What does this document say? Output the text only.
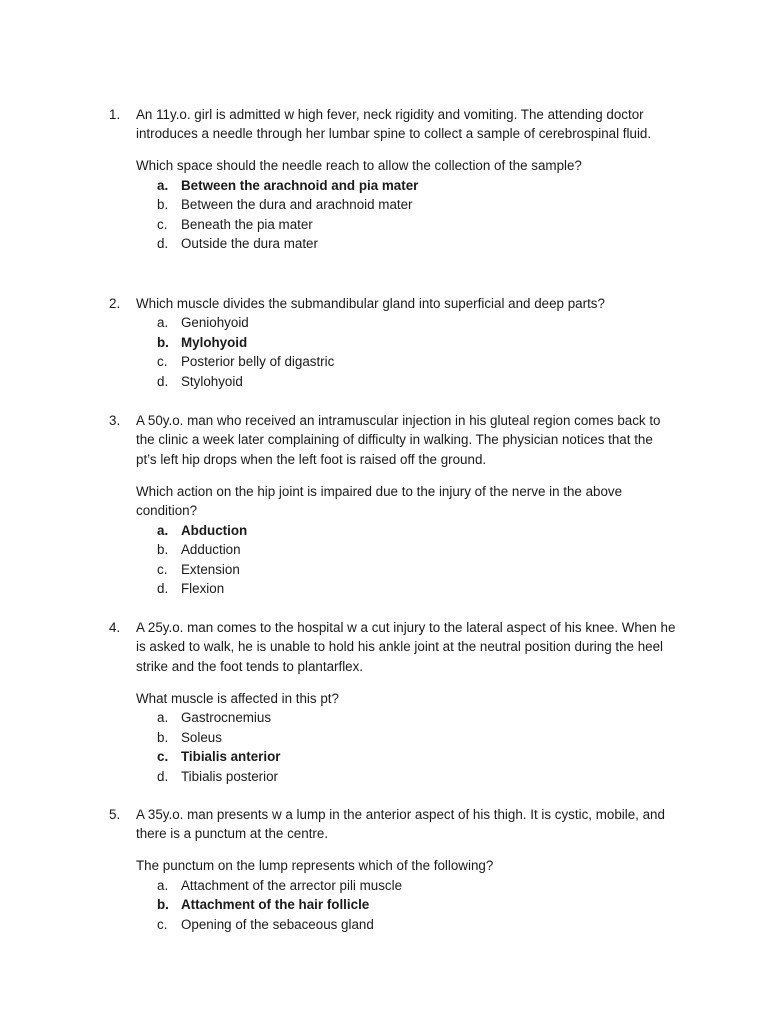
1. An 11y.o. girl is admitted w high fever, neck rigidity and vomiting. The attending doctor introduces a needle through her lumbar spine to collect a sample of cerebrospinal fluid.
Which space should the needle reach to allow the collection of the sample?
a. Between the arachnoid and pia mater
b. Between the dura and arachnoid mater
c. Beneath the pia mater
d. Outside the dura mater
2. Which muscle divides the submandibular gland into superficial and deep parts?
a. Geniohyoid
b. Mylohyoid
c. Posterior belly of digastric
d. Stylohyoid
3. A 50y.o. man who received an intramuscular injection in his gluteal region comes back to the clinic a week later complaining of difficulty in walking. The physician notices that the pt’s left hip drops when the left foot is raised off the ground.
Which action on the hip joint is impaired due to the injury of the nerve in the above condition?
a. Abduction
b. Adduction
c. Extension
d. Flexion
4. A 25y.o. man comes to the hospital w a cut injury to the lateral aspect of his knee. When he is asked to walk, he is unable to hold his ankle joint at the neutral position during the heel strike and the foot tends to plantarflex.
What muscle is affected in this pt?
a. Gastrocnemius
b. Soleus
c. Tibialis anterior
d. Tibialis posterior
5. A 35y.o. man presents w a lump in the anterior aspect of his thigh. It is cystic, mobile, and there is a punctum at the centre.
The punctum on the lump represents which of the following?
a. Attachment of the arrector pili muscle
b. Attachment of the hair follicle
c. Opening of the sebaceous gland
